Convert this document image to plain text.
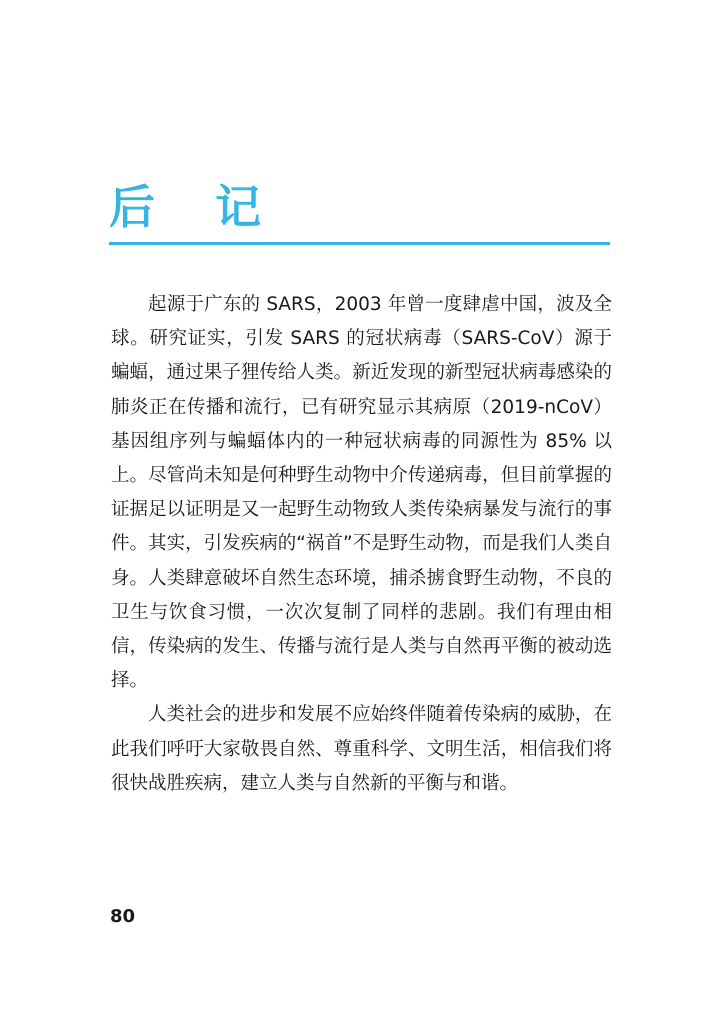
后 记

起源于广东的 SARS，2003 年曾一度肆虐中国，波及全球。研究证实，引发 SARS 的冠状病毒（SARS-CoV）源于蝙蝠，通过果子狸传给人类。新近发现的新型冠状病毒感染的肺炎正在传播和流行，已有研究显示其病原（2019-nCoV）基因组序列与蝙蝠体内的一种冠状病毒的同源性为 85% 以上。尽管尚未知是何种野生动物中介传递病毒，但目前掌握的证据足以证明是又一起野生动物致人类传染病暴发与流行的事件。其实，引发疾病的“祸首”不是野生动物，而是我们人类自身。人类肆意破坏自然生态环境，捕杀掳食野生动物，不良的卫生与饮食习惯，一次次复制了同样的悲剧。我们有理由相信，传染病的发生、传播与流行是人类与自然再平衡的被动选择。

人类社会的进步和发展不应始终伴随着传染病的威胁，在此我们呼吁大家敬畏自然、尊重科学、文明生活，相信我们将很快战胜疾病，建立人类与自然新的平衡与和谐。

80
